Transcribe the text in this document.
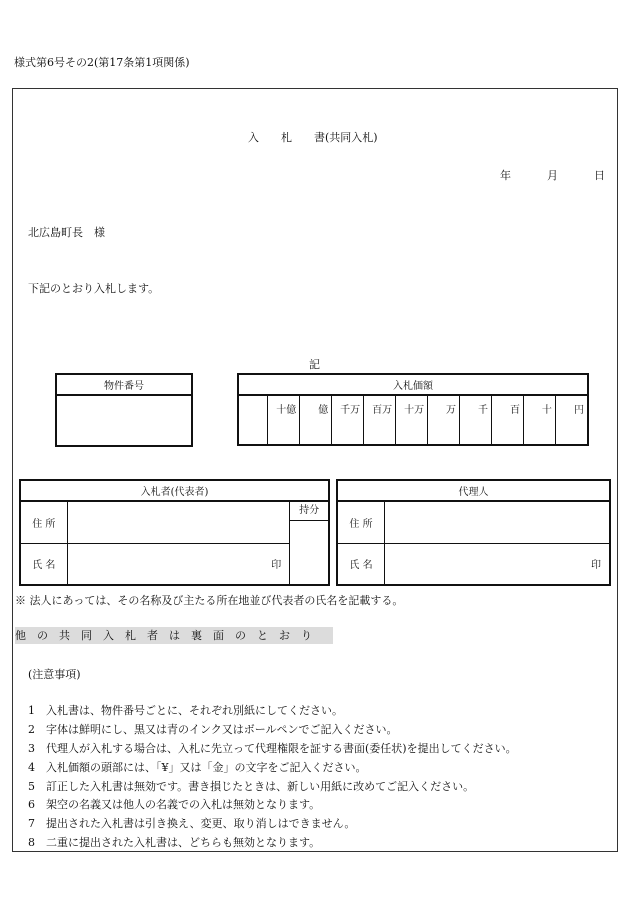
様式第6号その2(第17条第1項関係)
入　　札　　書(共同入札)
年	月	日
北広島町長　様
下記のとおり入札します。
記
物件番号	入札価額
	十億	億	千万	百万	十万	万	千	百	十	円
入札者(代表者)		
住 所		持分

氏 名	印	
代理人	
住 所	
氏 名	印
※ 法人にあっては、その名称及び主たる所在地並び代表者の氏名を記載する。
他　の　共　同　入　札　者　は　裏　面　の　と　お　り
(注意事項)
1 入札書は、物件番号ごとに、それぞれ別紙にしてください。
2 字体は鮮明にし、黒又は青のインク又はボールペンでご記入ください。
3 代理人が入札する場合は、入札に先立って代理権限を証する書面(委任状)を提出してください。
4 入札価額の頭部には、「¥」又は「金」の文字をご記入ください。
5 訂正した入札書は無効です。書き損じたときは、新しい用紙に改めてご記入ください。
6 架空の名義又は他人の名義での入札は無効となります。
7 提出された入札書は引き換え、変更、取り消しはできません。
8 二重に提出された入札書は、どちらも無効となります。
